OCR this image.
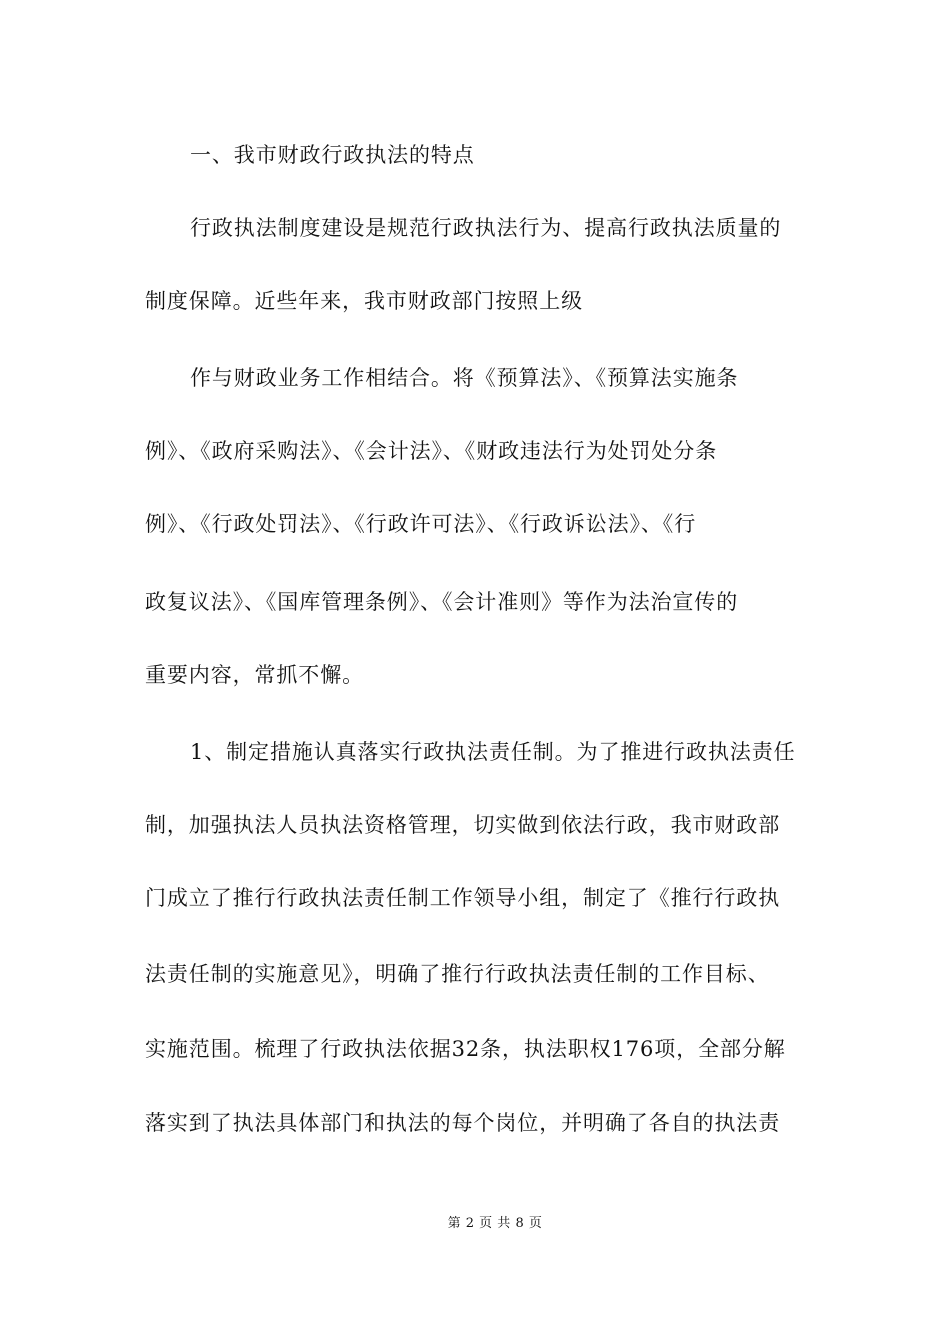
一、我市财政行政执法的特点
行政执法制度建设是规范行政执法行为、提高行政执法质量的
制度保障。近些年来，我市财政部门按照上级
作与财政业务工作相结合。将《预算法》、《预算法实施条
例》、《政府采购法》、《会计法》、《财政违法行为处罚处分条
例》、《行政处罚法》、《行政许可法》、《行政诉讼法》、《行
政复议法》、《国库管理条例》、《会计准则》等作为法治宣传的
重要内容，常抓不懈。
1、制定措施认真落实行政执法责任制。为了推进行政执法责任
制，加强执法人员执法资格管理，切实做到依法行政，我市财政部
门成立了推行行政执法责任制工作领导小组，制定了《推行行政执
法责任制的实施意见》，明确了推行行政执法责任制的工作目标、
实施范围。梳理了行政执法依据32条，执法职权176项，全部分解
落实到了执法具体部门和执法的每个岗位，并明确了各自的执法责
第 2 页 共 8 页
